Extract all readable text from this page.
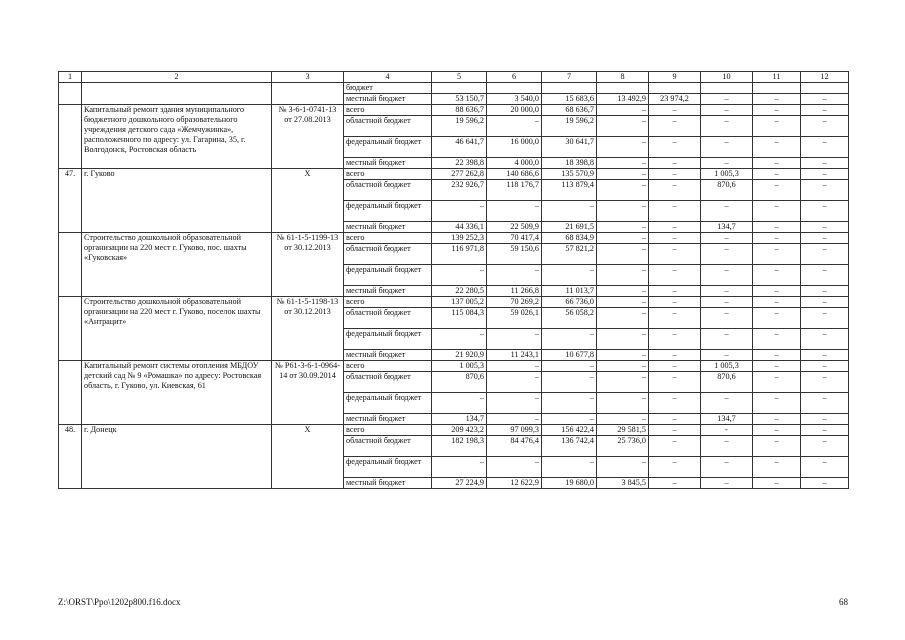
1	2	3	4	5	6	7	8	9	10	11	12
			бюджет								
			местный бюджет	53 150,7	3 540,0	15 683,6	13 492,9	23 974,2	–	–	–
	Капитальный ремонт здания муниципального бюджетного дошкольного образовательного учреждения детского сада «Жемчужинка», расположенного по адресу: ул. Гагарина, 35, г. Волгодонск, Ростовская область	№ 3-6-1-0741-13 от 27.08.2013	всего	88 636,7	20 000,0	68 636,7	–	–	–	–	–
			областной бюджет	19 596,2	–	19 596,2	–	–	–	–	–
			федеральный бюджет	46 641,7	16 000,0	30 641,7	–	–	–	–	–
			местный бюджет	22 398,8	4 000,0	18 398,8	–	–	–	–	–
47.	г. Гуково	Х	всего	277 262,8	140 686,6	135 570,9	–	–	1 005,3	–	–
			областной бюджет	232 926,7	118 176,7	113 879,4	–	–	870,6	–	–
			федеральный бюджет	–	–	–	–	–	–	–	–
			местный бюджет	44 336,1	22 509,9	21 691,5	–	–	134,7	–	–
	Строительство дошкольной образовательной организации на 220 мест г. Гуково, пос. шахты «Гуковская»	№ 61-1-5-1199-13 от 30.12.2013	всего	139 252,3	70 417,4	68 834,9	–	–	–	–	–
			областной бюджет	116 971,8	59 150,6	57 821,2	–	–	–	–	–
			федеральный бюджет	–	–	–	–	–	–	–	–
			местный бюджет	22 280,5	11 266,8	11 013,7	–	–	–	–	–
	Строительство дошкольной образовательной организации на 220 мест г. Гуково, поселок шахты «Антрацит»	№ 61-1-5-1198-13 от 30.12.2013	всего	137 005,2	70 269,2	66 736,0	–	–	–	–	–
			областной бюджет	115 084,3	59 026,1	56 058,2	–	–	–	–	–
			федеральный бюджет	–	–	–	–	–	–	–	–
			местный бюджет	21 920,9	11 243,1	10 677,8	–	–	–	–	–
	Капитальный ремонт системы отопления МБДОУ детский сад № 9 «Ромашка» по адресу: Ростовская область, г. Гуково, ул. Киевская, 61	№ Р61-3-6-1-0964-14 от 30.09.2014	всего	1 005,3	–	–	–	–	1 005,3	–	–
			областной бюджет	870,6	–	–	–	–	870,6	–	–
			федеральный бюджет	–	–	–	–	–	–	–	–
			местный бюджет	134,7	–	–	–	–	134,7	–	–
48.	г. Донецк	Х	всего	209 423,2	97 099,3	156 422,4	29 581,5	–	-	–	–
			областной бюджет	182 198,3	84 476,4	136 742,4	25 736,0	–	–	–	–
			федеральный бюджет	–	–	–	–	–	–	–	–
			местный бюджет	27 224,9	12 622,9	19 680,0	3 845,5	–	–	–	–
Z:\ORST\Ppo\1202p800.f16.docx	68
